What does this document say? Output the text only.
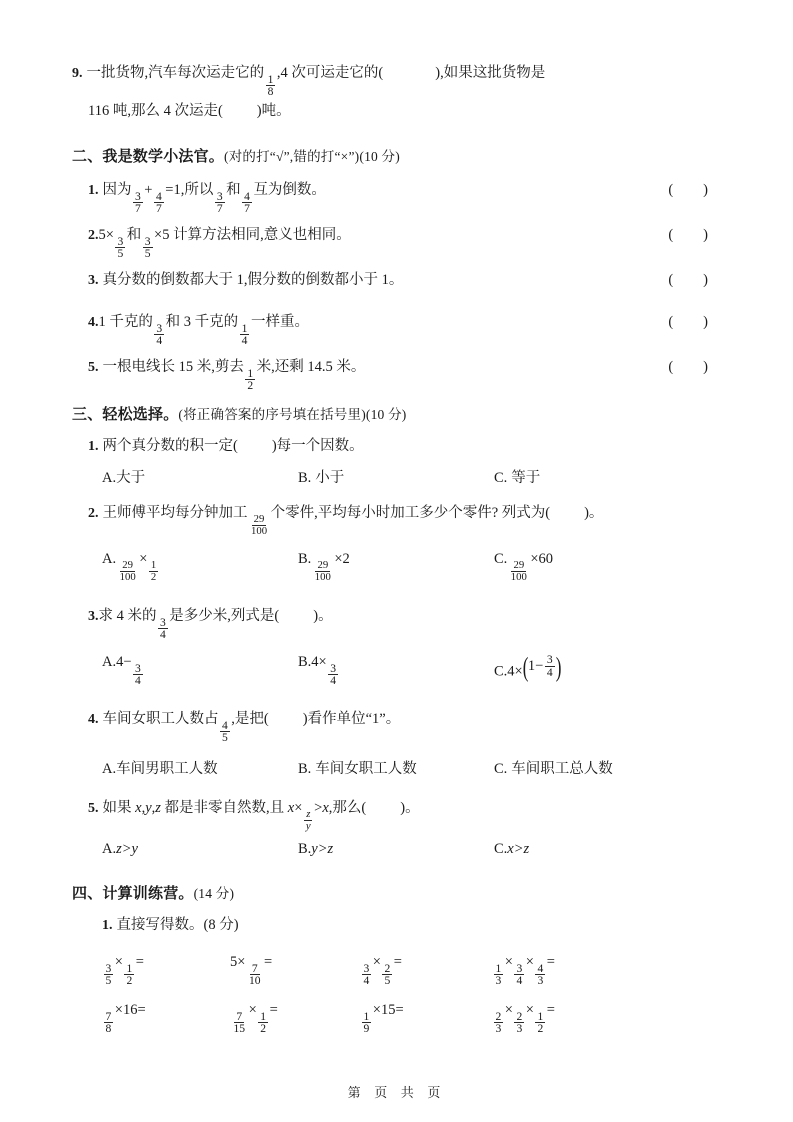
9. 一批货物,汽车每次运走它的
$\frac{1}{8}$
,4 次可运走它的(	),如果这批货物是
116 吨,那么 4 次运走( )吨。
二、我是数学小法官。(对的打“√”,错的打“×”)(10 分)
1. 因为
$\frac{3}{7}$
+
$\frac{4}{7}$
=1,所以
$\frac{3}{7}$
和
$\frac{4}{7}$
互为倒数。	( )
2.5×
$\frac{3}{5}$
和
$\frac{3}{5}$
×5 计算方法相同,意义也相同。	( )
3. 真分数的倒数都大于 1,假分数的倒数都小于 1。	( )
4.1 千克的
$\frac{3}{4}$
和 3 千克的
$\frac{1}{4}$
一样重。	( )
5. 一根电线长 15 米,剪去
$\frac{1}{2}$
米,还剩 14.5 米。	( )
三、轻松选择。(将正确答案的序号填在括号里)(10 分)
1. 两个真分数的积一定( )每一个因数。
A.大于	B. 小于	C. 等于
2. 王师傅平均每分钟加工
$\frac{29}{100}$
个零件,平均每小时加工多少个零件? 列式为( )。
A.
$\frac{29}{100}$
×
$\frac{1}{2}$
B.
$\frac{29}{100}$
×2	C.
$\frac{29}{100}$
×60
3.求 4 米的
$\frac{3}{4}$
是多少米,列式是( )。
A.4−
$\frac{3}{4}$
B.4×
$\frac{3}{4}$	C.4× ( $1- \frac{3}{4}$ )
4. 车间女职工人数占
$\frac{4}{5}$
,是把( )看作单位“1”。
A.车间男职工人数	B. 车间女职工人数	C. 车间职工总人数
5. 如果 x,y,z 都是非零自然数,且 x×
$\frac{z}{y}$
>x,那么( )。
A.z>y	B.y>z	C.x>z
四、计算训练营。(14 分)
1. 直接写得数。(8 分)
$\frac{3}{5}$
×
$\frac{1}{2}$
=	5×
$\frac{7}{10}$
=
$\frac{3}{4}$
×
$\frac{2}{5}$
=
$\frac{1}{3}$
×
$\frac{3}{4}$
×
$\frac{4}{3}$
=
$\frac{7}{8}$
×16=
$\frac{7}{15}$
×
$\frac{1}{2}$
=
$\frac{1}{9}$
×15=
$\frac{2}{3}$
×
$\frac{2}{3}$
×
$\frac{1}{2}$
=
第 页 共 页
